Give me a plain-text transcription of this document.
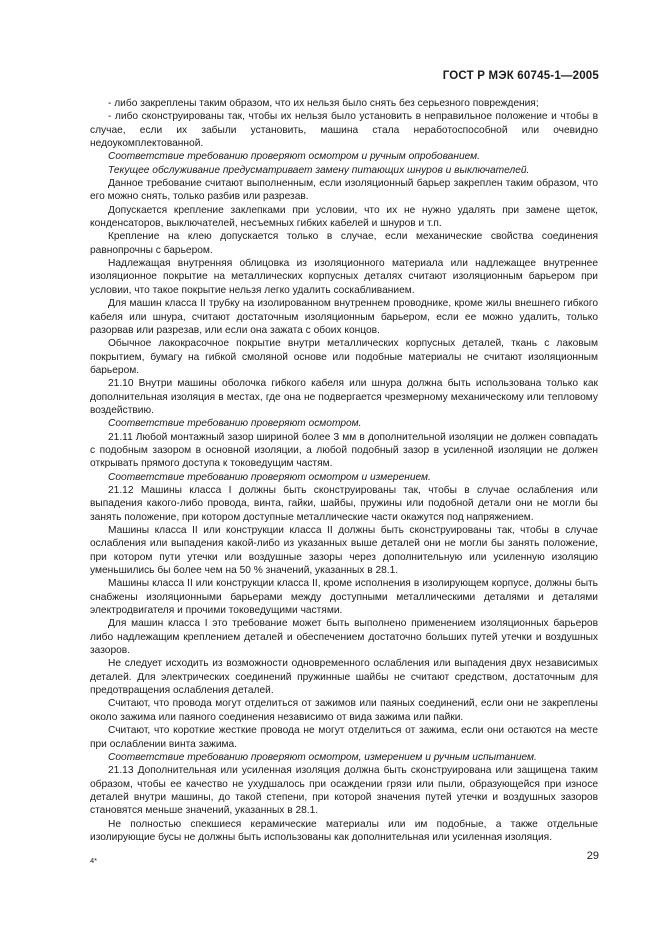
ГОСТ Р МЭК 60745-1—2005

- либо закреплены таким образом, что их нельзя было снять без серьезного повреждения;

- либо сконструированы так, чтобы их нельзя было установить в неправильное положение и чтобы в случае, если их забыли установить, машина стала неработоспособной или очевидно недоукомплектованной.

Соответствие требованию проверяют осмотром и ручным опробованием.

Текущее обслуживание предусматривает замену питающих шнуров и выключателей.

Данное требование считают выполненным, если изоляционный барьер закреплен таким образом, что его можно снять, только разбив или разрезав.

Допускается крепление заклепками при условии, что их не нужно удалять при замене щеток, конденсаторов, выключателей, несъемных гибких кабелей и шнуров и т.п.

Крепление на клею допускается только в случае, если механические свойства соединения равнопрочны с барьером.

Надлежащая внутренняя облицовка из изоляционного материала или надлежащее внутреннее изоляционное покрытие на металлических корпусных деталях считают изоляционным барьером при условии, что такое покрытие нельзя легко удалить соскабливанием.

Для машин класса II трубку на изолированном внутреннем проводнике, кроме жилы внешнего гибкого кабеля или шнура, считают достаточным изоляционным барьером, если ее можно удалить, только разорвав или разрезав, или если она зажата с обоих концов.

Обычное лакокрасочное покрытие внутри металлических корпусных деталей, ткань с лаковым покрытием, бумагу на гибкой смоляной основе или подобные материалы не считают изоляционным барьером.

21.10 Внутри машины оболочка гибкого кабеля или шнура должна быть использована только как дополнительная изоляция в местах, где она не подвергается чрезмерному механическому или тепловому воздействию.

Соответствие требованию проверяют осмотром.

21.11 Любой монтажный зазор шириной более 3 мм в дополнительной изоляции не должен совпадать с подобным зазором в основной изоляции, а любой подобный зазор в усиленной изоляции не должен открывать прямого доступа к токоведущим частям.

Соответствие требованию проверяют осмотром и измерением.

21.12 Машины класса I должны быть сконструированы так, чтобы в случае ослабления или выпадения какого-либо провода, винта, гайки, шайбы, пружины или подобной детали они не могли бы занять положение, при котором доступные металлические части окажутся под напряжением.

Машины класса II или конструкции класса II должны быть сконструированы так, чтобы в случае ослабления или выпадения какой-либо из указанных выше деталей они не могли бы занять положение, при котором пути утечки или воздушные зазоры через дополнительную или усиленную изоляцию уменьшились бы более чем на 50 % значений, указанных в 28.1.

Машины класса II или конструкции класса II, кроме исполнения в изолирующем корпусе, должны быть снабжены изоляционными барьерами между доступными металлическими деталями и деталями электродвигателя и прочими токоведущими частями.

Для машин класса I это требование может быть выполнено применением изоляционных барьеров либо надлежащим креплением деталей и обеспечением достаточно больших путей утечки и воздушных зазоров.

Не следует исходить из возможности одновременного ослабления или выпадения двух независимых деталей. Для электрических соединений пружинные шайбы не считают средством, достаточным для предотвращения ослабления деталей.

Считают, что провода могут отделиться от зажимов или паяных соединений, если они не закреплены около зажима или паяного соединения независимо от вида зажима или пайки.

Считают, что короткие жесткие провода не могут отделиться от зажима, если они остаются на месте при ослаблении винта зажима.

Соответствие требованию проверяют осмотром, измерением и ручным испытанием.

21.13 Дополнительная или усиленная изоляция должна быть сконструирована или защищена таким образом, чтобы ее качество не ухудшалось при осаждении грязи или пыли, образующейся при износе деталей внутри машины, до такой степени, при которой значения путей утечки и воздушных зазоров становятся меньше значений, указанных в 28.1.

Не полностью спекшиеся керамические материалы или им подобные, а также отдельные изолирующие бусы не должны быть использованы как дополнительная или усиленная изоляция.

4*	29
